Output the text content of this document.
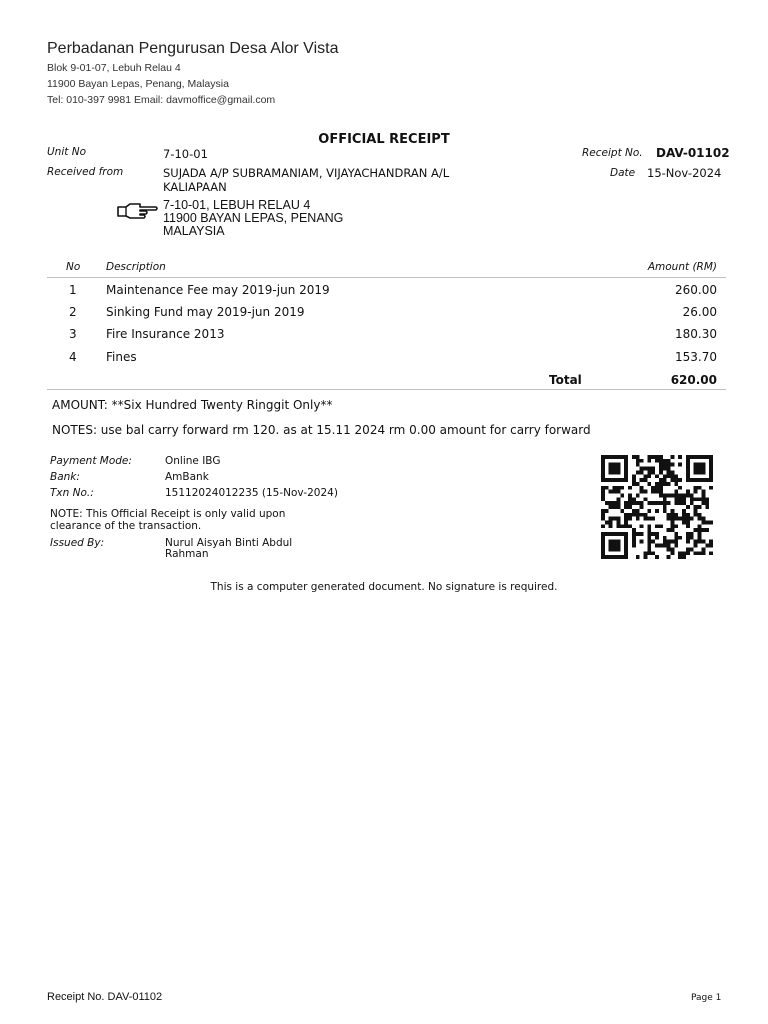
Perbadanan Pengurusan Desa Alor Vista
Blok 9-01-07, Lebuh Relau 4
11900 Bayan Lepas, Penang, Malaysia
Tel: 010-397 9981 Email: davmoffice@gmail.com
OFFICIAL RECEIPT
Unit No	7-10-01
Received from	SUJADA A/P SUBRAMANIAM, VIJAYACHANDRAN A/L
KALIAPAAN
7-10-01, LEBUH RELAU 4
11900 BAYAN LEPAS, PENANG
MALAYSIA
Receipt No. DAV-01102
Date 15-Nov-2024
No Description	Amount (RM)
1 Maintenance Fee may 2019-jun 2019	260.00
2 Sinking Fund may 2019-jun 2019	26.00
3 Fire Insurance 2013	180.30
4 Fines	153.70
Total	620.00
AMOUNT: **Six Hundred Twenty Ringgit Only**
NOTES: use bal carry forward rm 120. as at 15.11 2024 rm 0.00 amount for carry forward
Payment Mode:	Online IBG
Bank:	AmBank
Txn No.:	15112024012235 (15-Nov-2024)
NOTE: This Official Receipt is only valid upon
clearance of the transaction.
Issued By:	Nurul Aisyah Binti Abdul
Rahman
This is a computer generated document. No signature is required.
Receipt No. DAV-01102	Page 1
